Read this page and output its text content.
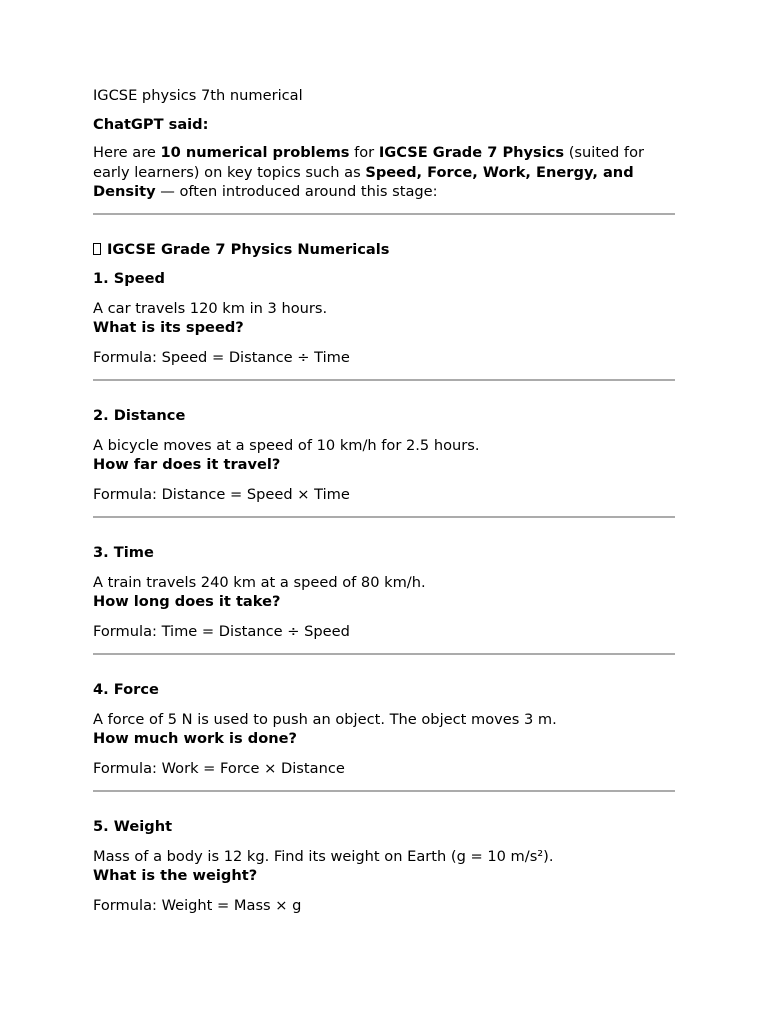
IGCSE physics 7th numerical

ChatGPT said:

Here are 10 numerical problems for IGCSE Grade 7 Physics (suited for early learners) on key topics such as Speed, Force, Work, Energy, and Density — often introduced around this stage:

IGCSE Grade 7 Physics Numericals

1. Speed

A car travels 120 km in 3 hours.

What is its speed?

Formula: Speed = Distance ÷ Time

2. Distance

A bicycle moves at a speed of 10 km/h for 2.5 hours.

How far does it travel?

Formula: Distance = Speed × Time

3. Time

A train travels 240 km at a speed of 80 km/h.

How long does it take?

Formula: Time = Distance ÷ Speed

4. Force

A force of 5 N is used to push an object. The object moves 3 m.

How much work is done?

Formula: Work = Force × Distance

5. Weight

Mass of a body is 12 kg. Find its weight on Earth (g = 10 m/s²).

What is the weight?

Formula: Weight = Mass × g
